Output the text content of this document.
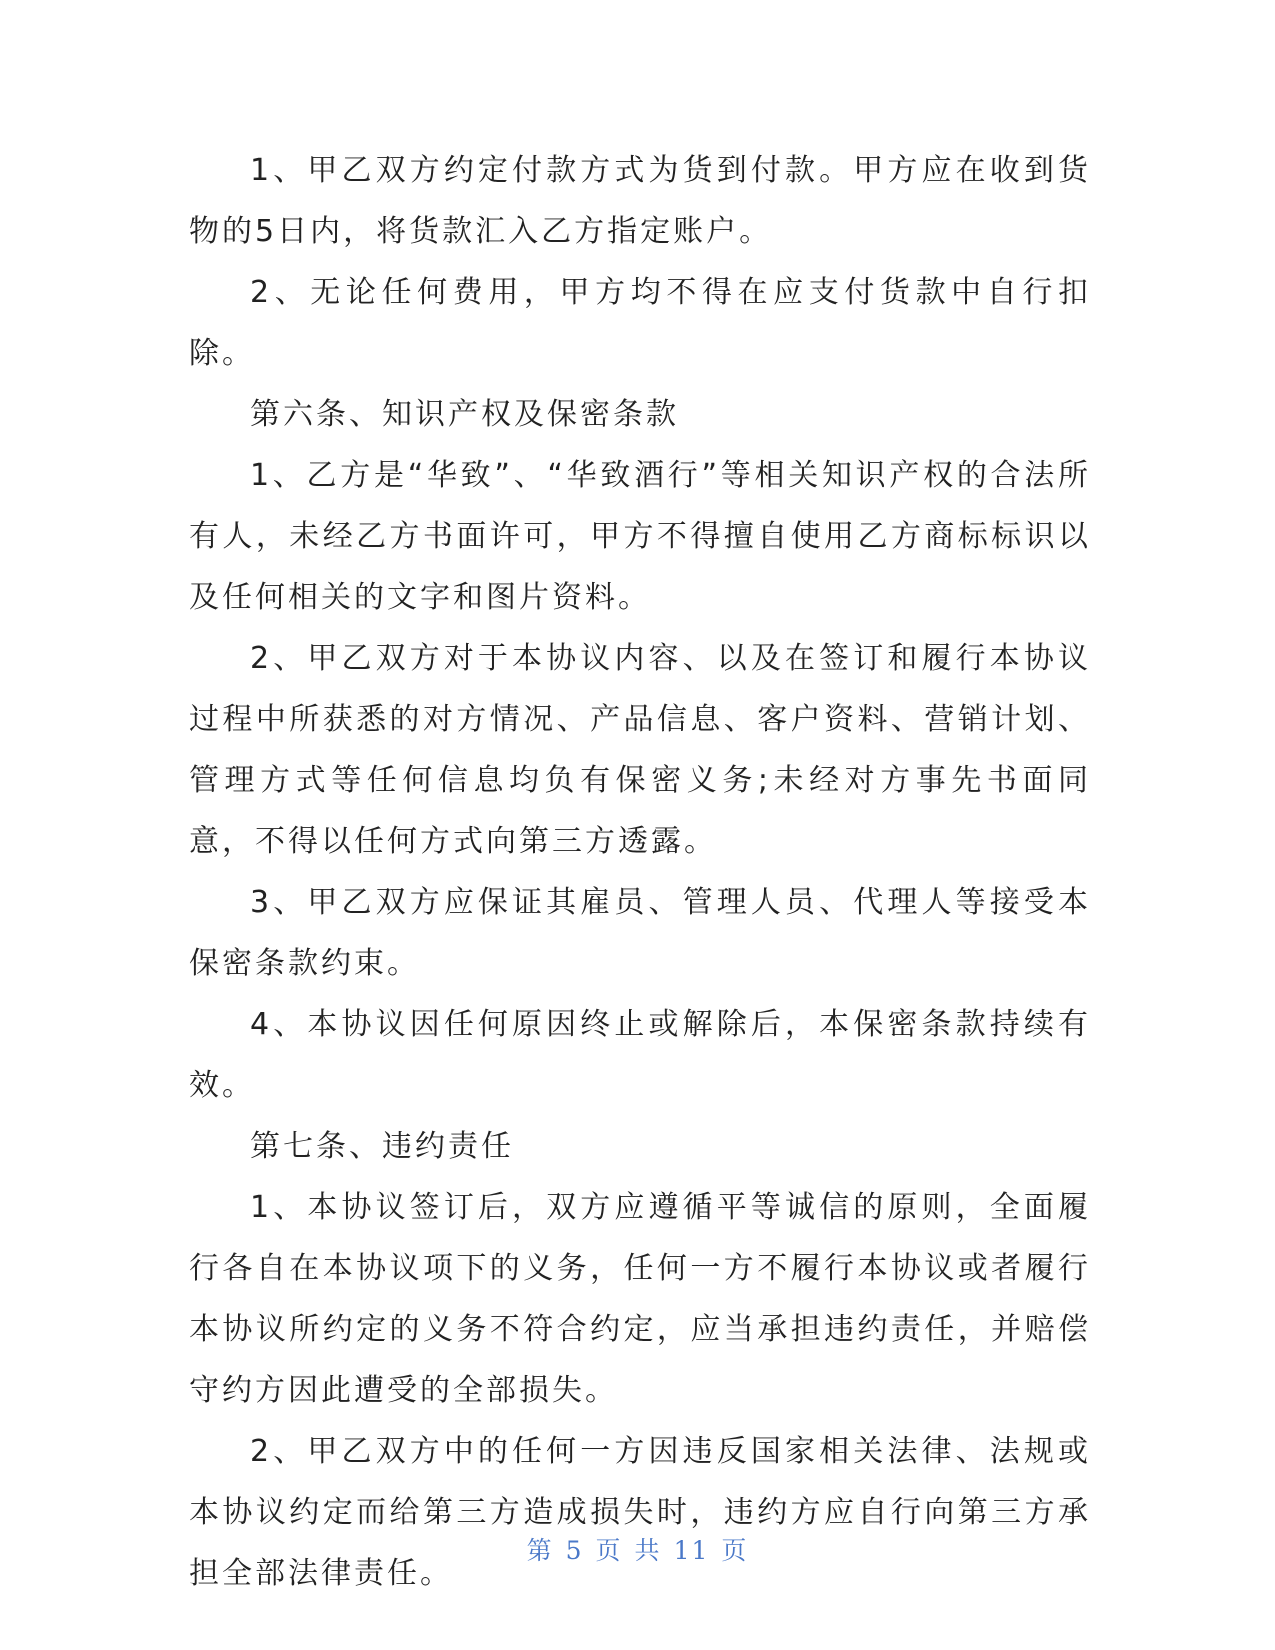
1、甲乙双方约定付款方式为货到付款。甲方应在收到货物的5日内，将货款汇入乙方指定账户。

2、无论任何费用，甲方均不得在应支付货款中自行扣除。

第六条、知识产权及保密条款

1、乙方是“华致”、“华致酒行”等相关知识产权的合法所有人，未经乙方书面许可，甲方不得擅自使用乙方商标标识以及任何相关的文字和图片资料。

2、甲乙双方对于本协议内容、以及在签订和履行本协议过程中所获悉的对方情况、产品信息、客户资料、营销计划、管理方式等任何信息均负有保密义务;未经对方事先书面同意，不得以任何方式向第三方透露。

3、甲乙双方应保证其雇员、管理人员、代理人等接受本保密条款约束。

4、本协议因任何原因终止或解除后，本保密条款持续有效。

第七条、违约责任

1、本协议签订后，双方应遵循平等诚信的原则，全面履行各自在本协议项下的义务，任何一方不履行本协议或者履行本协议所约定的义务不符合约定，应当承担违约责任，并赔偿守约方因此遭受的全部损失。

2、甲乙双方中的任何一方因违反国家相关法律、法规或本协议约定而给第三方造成损失时，违约方应自行向第三方承担全部法律责任。

第 5 页 共 11 页
